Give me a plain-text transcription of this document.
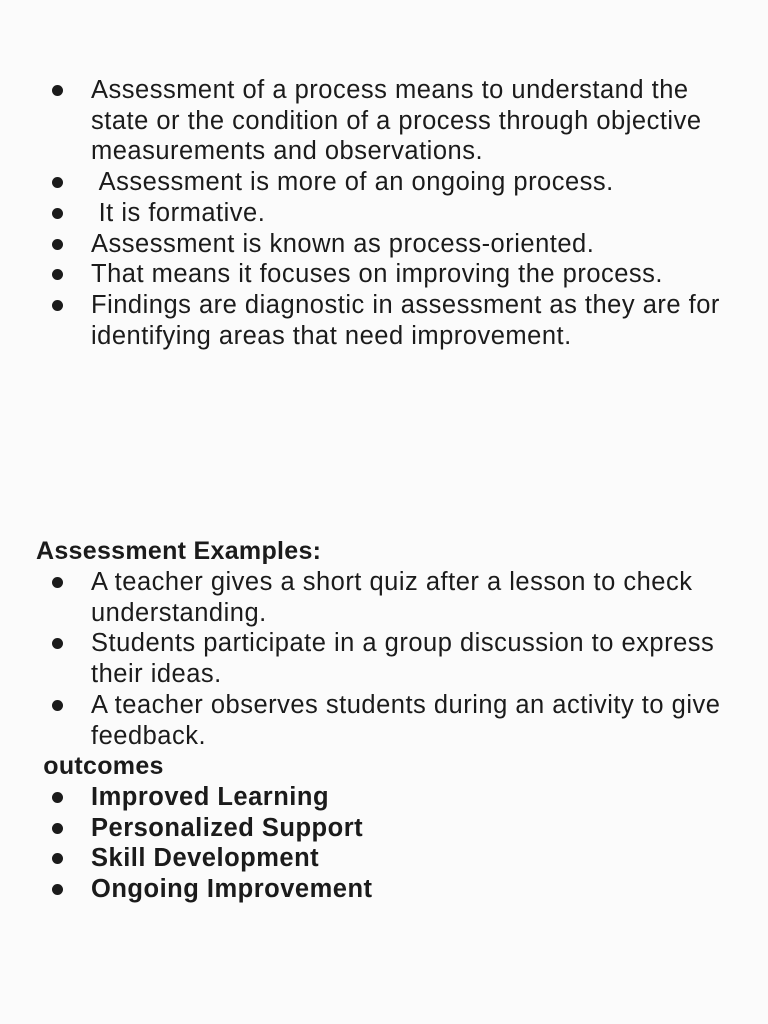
Assessment of a process means to understand the state or the condition of a process through objective measurements and observations.
Assessment is more of an ongoing process.
It is formative.
Assessment is known as process-oriented.
That means it focuses on improving the process.
Findings are diagnostic in assessment as they are for identifying areas that need improvement.
Assessment Examples:
A teacher gives a short quiz after a lesson to check understanding.
Students participate in a group discussion to express their ideas.
A teacher observes students during an activity to give feedback.
outcomes
Improved Learning
Personalized Support
Skill Development
Ongoing Improvement
